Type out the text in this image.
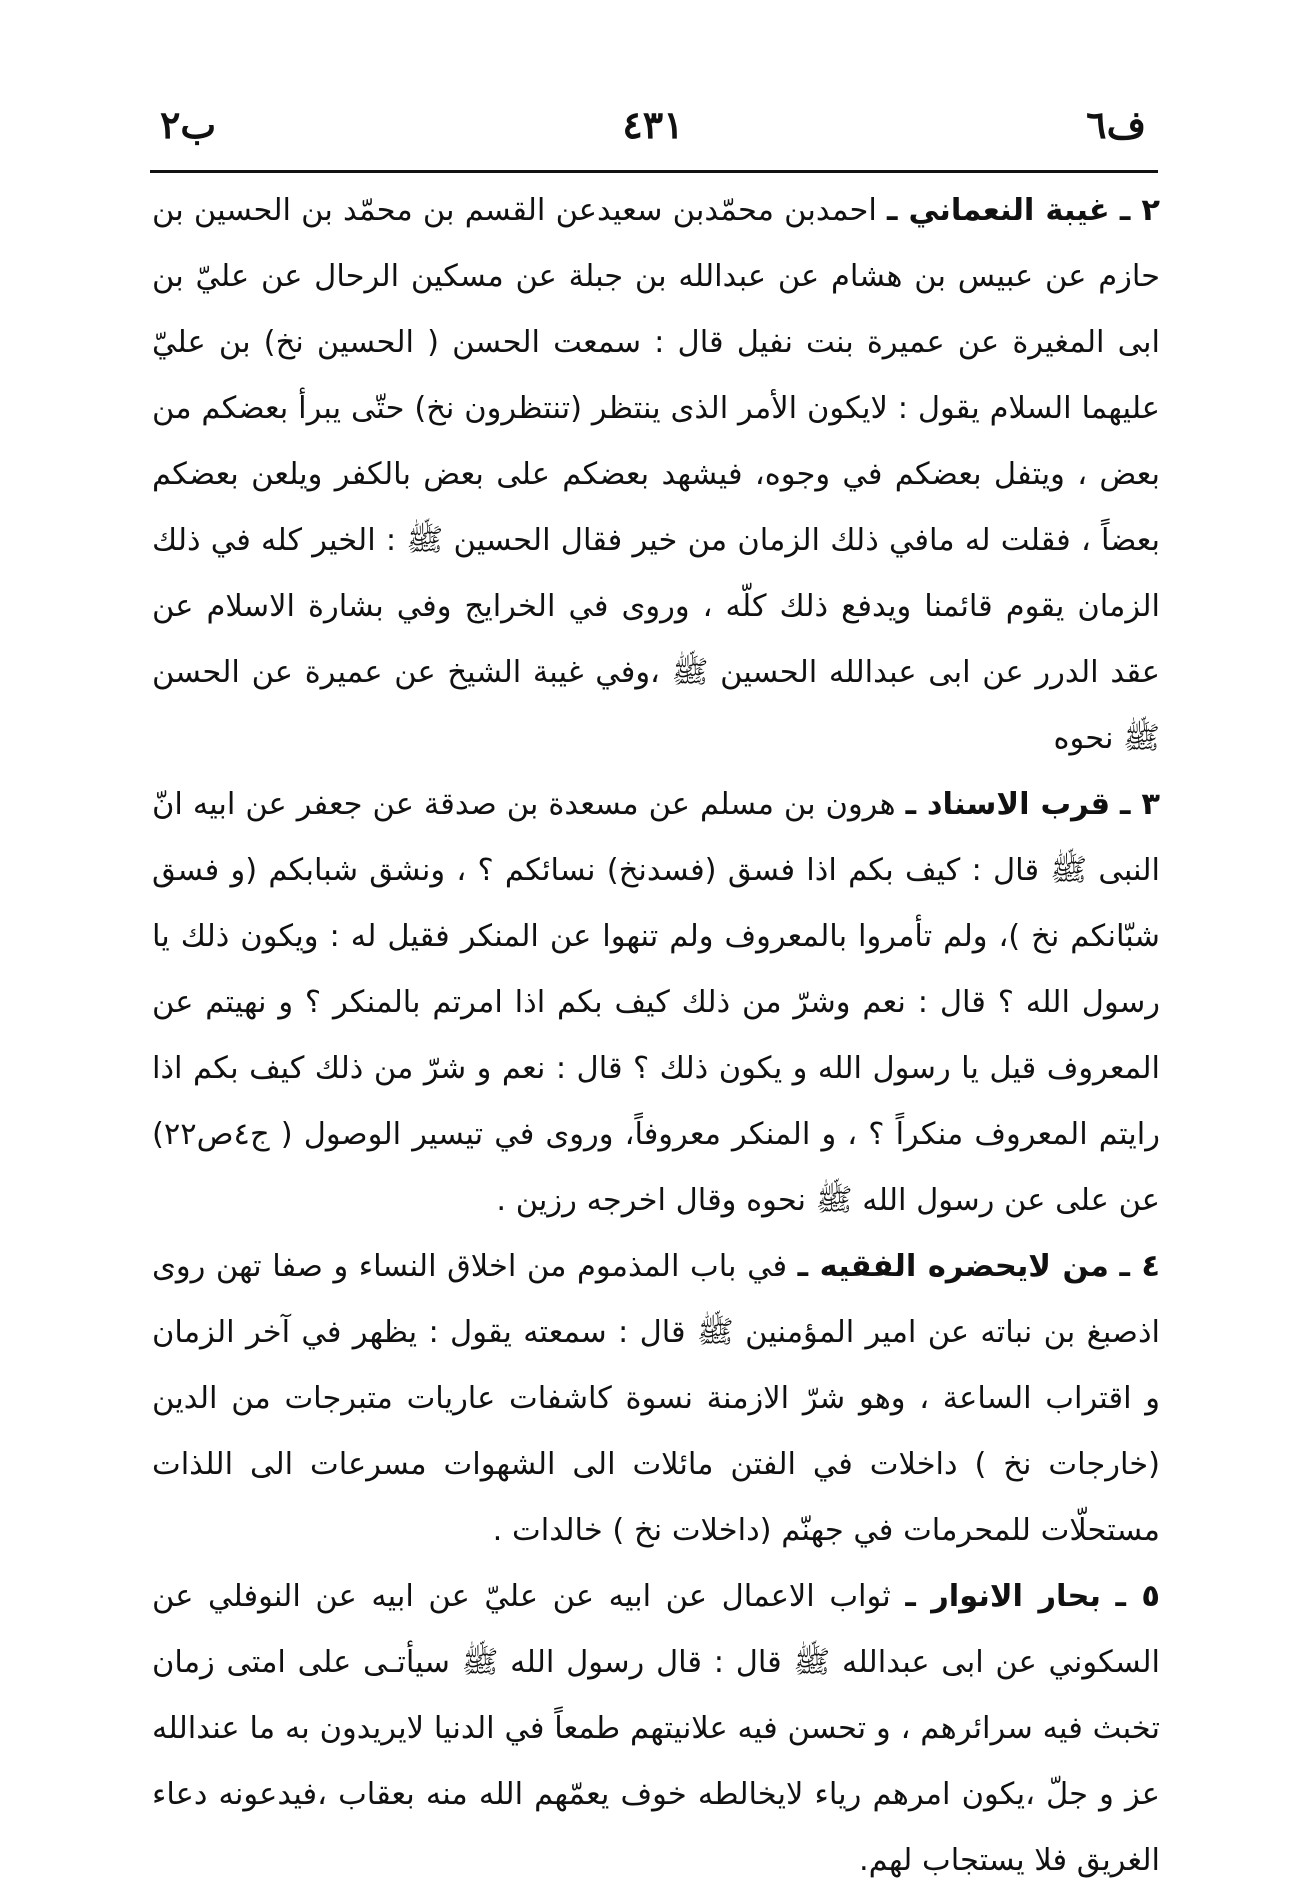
ف٦
٤٣١
ب٢

٢ ـ غيبة النعماني ـ احمدبن محمّدبن سعيدعن القسم بن محمّد بن الحسين بن حازم عن عبيس بن هشام عن عبدالله بن جبلة عن مسكين الرحال عن عليّ بن ابى المغيرة عن عميرة بنت نفيل قال : سمعت الحسن ( الحسين نخ) بن عليّ عليهما السلام يقول : لايكون الأمر الذى ينتظر (تنتظرون نخ) حتّى يبرأ بعضكم من بعض ، ويتفل بعضكم في وجوه، فيشهد بعضكم على بعض بالكفر ويلعن بعضكم بعضاً ، فقلت له مافي ذلك الزمان من خير فقال الحسين ﷺ : الخير كله في ذلك الزمان يقوم قائمنا ويدفع ذلك كلّه ، وروى في الخرايج وفي بشارة الاسلام عن عقد الدرر عن ابى عبدالله الحسين ﷺ ،وفي غيبة الشيخ عن عميرة عن الحسن ﷺ نحوه

٣ ـ قرب الاسناد ـ هرون بن مسلم عن مسعدة بن صدقة عن جعفر عن ابيه انّ النبى ﷺ قال : كيف بكم اذا فسق (فسدنخ) نسائكم ؟ ، ونشق شبابكم (و فسق شبّانكم نخ )، ولم تأمروا بالمعروف ولم تنهوا عن المنكر فقيل له : ويكون ذلك يا رسول الله ؟ قال : نعم وشرّ من ذلك كيف بكم اذا امرتم بالمنكر ؟ و نهيتم عن المعروف قيل يا رسول الله و يكون ذلك ؟ قال : نعم و شرّ من ذلك كيف بكم اذا رايتم المعروف منكراً ؟ ، و المنكر معروفاً، وروى في تيسير الوصول ( ج٤ص٢٢) عن على عن رسول الله ﷺ نحوه وقال اخرجه رزين .

٤ ـ من لايحضره الفقيه ـ في باب المذموم من اخلاق النساء و صفا تهن روى اذصبغ بن نباته عن امير المؤمنين ﷺ قال : سمعته يقول : يظهر في آخر الزمان و اقتراب الساعة ، وهو شرّ الازمنة نسوة كاشفات عاريات متبرجات من الدين (خارجات نخ ) داخلات في الفتن مائلات الى الشهوات مسرعات الى اللذات مستحلّات للمحرمات في جهنّم (داخلات نخ ) خالدات .

٥ ـ بحار الانوار ـ ثواب الاعمال عن ابيه عن عليّ عن ابيه عن النوفلي عن السكوني عن ابى عبدالله ﷺ قال : قال رسول الله ﷺ سيأتـى على امتى زمان تخبث فيه سرائرهم ، و تحسن فيه علانيتهم طمعاً في الدنيا لايريدون به ما عندالله عز و جلّ ،يكون امرهم رياء لايخالطه خوف يعمّهم الله منه بعقاب ،فيدعونه دعاء الغريق فلا يستجاب لهم.
